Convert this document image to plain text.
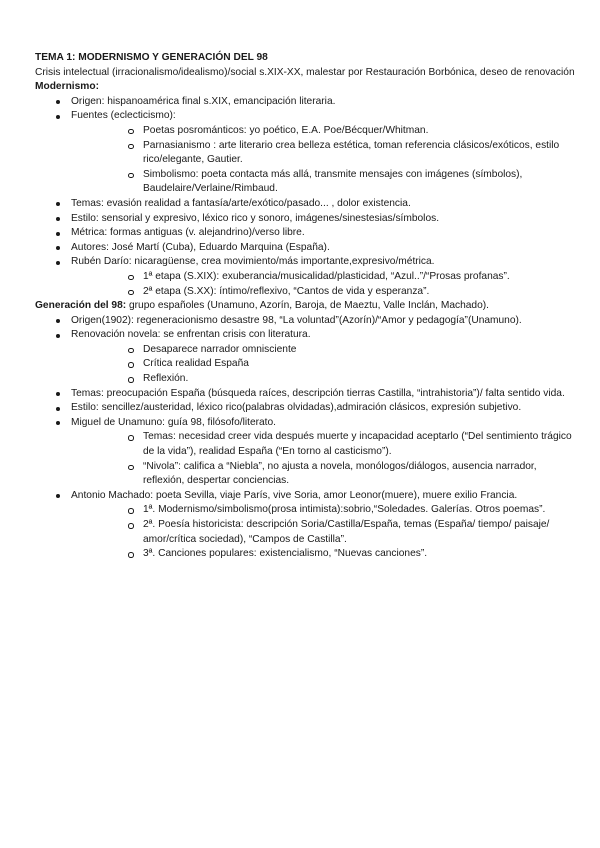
TEMA 1: MODERNISMO Y GENERACIÓN DEL 98
Crisis intelectual (irracionalismo/idealismo)/social s.XIX-XX, malestar por Restauración Borbónica, deseo de renovación
Modernismo:
Origen: hispanoamérica final s.XIX, emancipación literaria.
Fuentes (eclecticismo):
Poetas posrománticos: yo poético, E.A. Poe/Bécquer/Whitman.
Parnasianismo : arte literario crea belleza estética, toman referencia clásicos/exóticos, estilo rico/elegante, Gautier.
Simbolismo: poeta contacta más allá, transmite mensajes con imágenes (símbolos), Baudelaire/Verlaine/Rimbaud.
Temas: evasión realidad a fantasía/arte/exótico/pasado... , dolor existencia.
Estilo: sensorial y expresivo, léxico rico y sonoro, imágenes/sinestesias/símbolos.
Métrica: formas antiguas (v. alejandrino)/verso libre.
Autores: José Martí (Cuba), Eduardo Marquina (España).
Rubén Darío: nicaragüense, crea movimiento/más importante,expresivo/métrica.
1ª etapa (S.XIX): exuberancia/musicalidad/plasticidad, “Azul..”/“Prosas profanas”.
2ª etapa (S.XX): íntimo/reflexivo, “Cantos de vida y esperanza”.
Generación del 98: grupo españoles (Unamuno, Azorín, Baroja, de Maeztu, Valle Inclán, Machado).
Origen(1902): regeneracionismo desastre 98, “La voluntad”(Azorín)/“Amor y pedagogía”(Unamuno).
Renovación novela: se enfrentan crisis con literatura.
Desaparece narrador omnisciente
Crítica realidad España
Reflexión.
Temas: preocupación España (búsqueda raíces, descripción tierras Castilla, “intrahistoria”)/ falta sentido vida.
Estilo: sencillez/austeridad, léxico rico(palabras olvidadas),admiración clásicos, expresión subjetivo.
Miguel de Unamuno: guía 98, filósofo/literato.
Temas: necesidad creer vida después muerte y incapacidad aceptarlo (“Del sentimiento trágico de la vida”), realidad España (“En torno al casticismo”).
“Nivola”: califica a “Niebla”, no ajusta a novela, monólogos/diálogos, ausencia narrador, reflexión, despertar conciencias.
Antonio Machado: poeta Sevilla, viaje París, vive Soria, amor Leonor(muere), muere exilio Francia.
1ª. Modernismo/simbolismo(prosa intimista):sobrio,“Soledades. Galerías. Otros poemas”.
2ª. Poesía historicista: descripción Soria/Castilla/España, temas (España/ tiempo/ paisaje/ amor/crítica sociedad), “Campos de Castilla”.
3ª. Canciones populares: existencialismo, “Nuevas canciones”.
